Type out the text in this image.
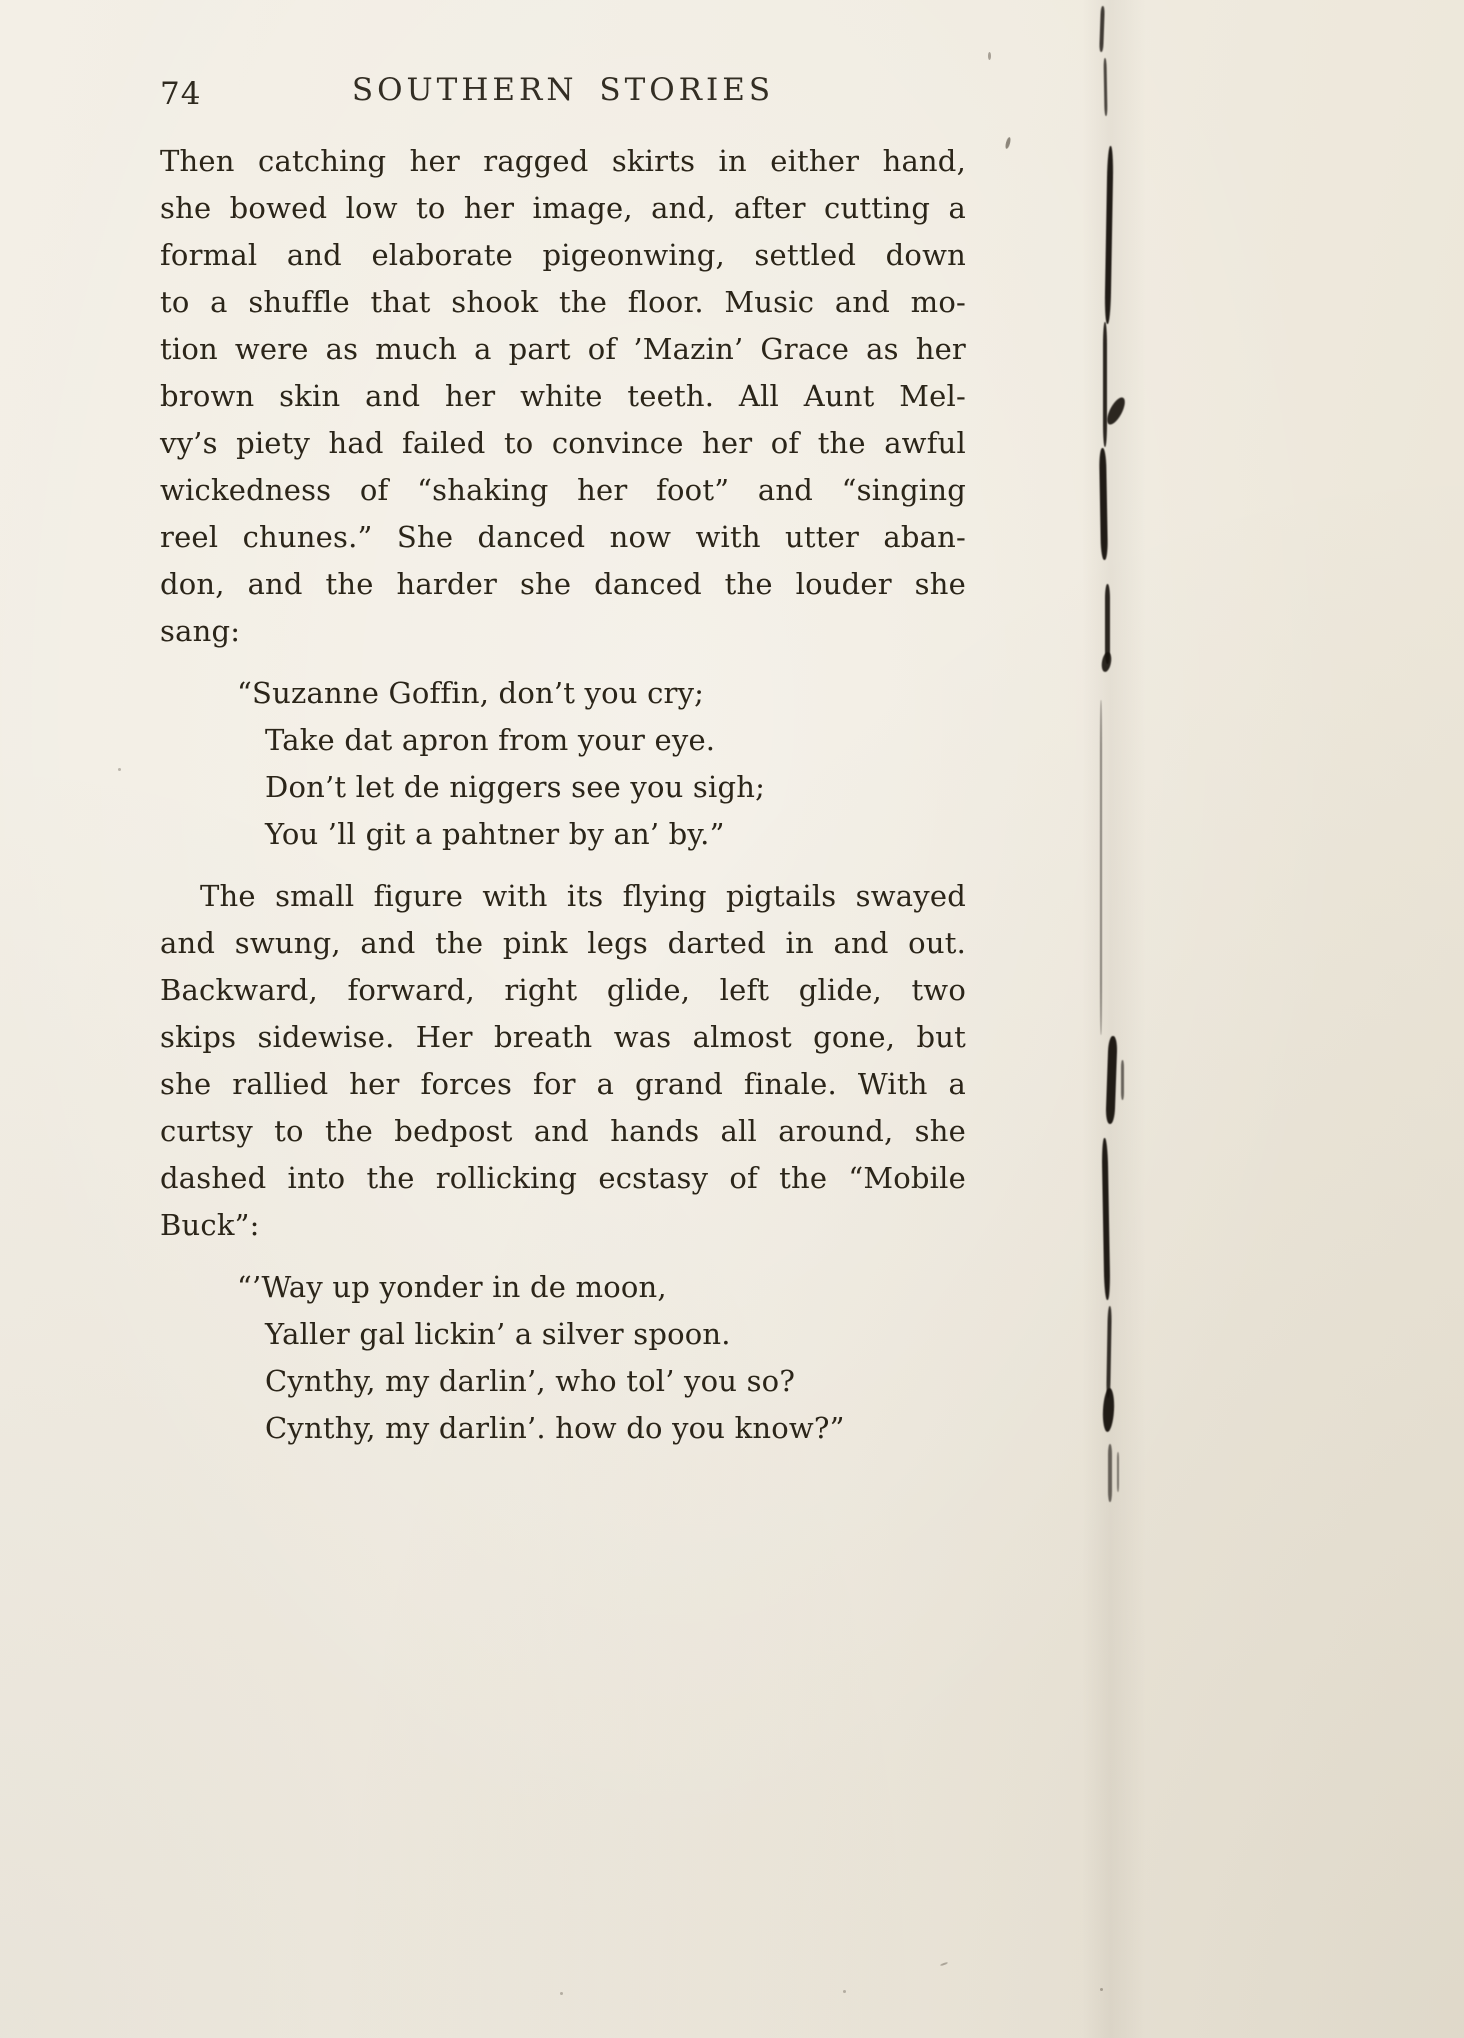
74	SOUTHERN STORIES

Then catching her ragged skirts in either hand,
she bowed low to her image, and, after cutting a
formal and elaborate pigeonwing, settled down
to a shuffle that shook the floor. Music and mo-
tion were as much a part of ’Mazin’ Grace as her
brown skin and her white teeth. All Aunt Mel-
vy’s piety had failed to convince her of the awful
wickedness of “shaking her foot” and “singing
reel chunes.” She danced now with utter aban-
don, and the harder she danced the louder she
sang:

“Suzanne Goffin, don’t you cry;
Take dat apron from your eye.
Don’t let de niggers see you sigh;
You ’ll git a pahtner by an’ by.”

The small figure with its flying pigtails swayed
and swung, and the pink legs darted in and out.
Backward, forward, right glide, left glide, two
skips sidewise. Her breath was almost gone, but
she rallied her forces for a grand finale. With a
curtsy to the bedpost and hands all around, she
dashed into the rollicking ecstasy of the “Mobile
Buck”:

“’Way up yonder in de moon,
Yaller gal lickin’ a silver spoon.
Cynthy, my darlin’, who tol’ you so?
Cynthy, my darlin’. how do you know?”
